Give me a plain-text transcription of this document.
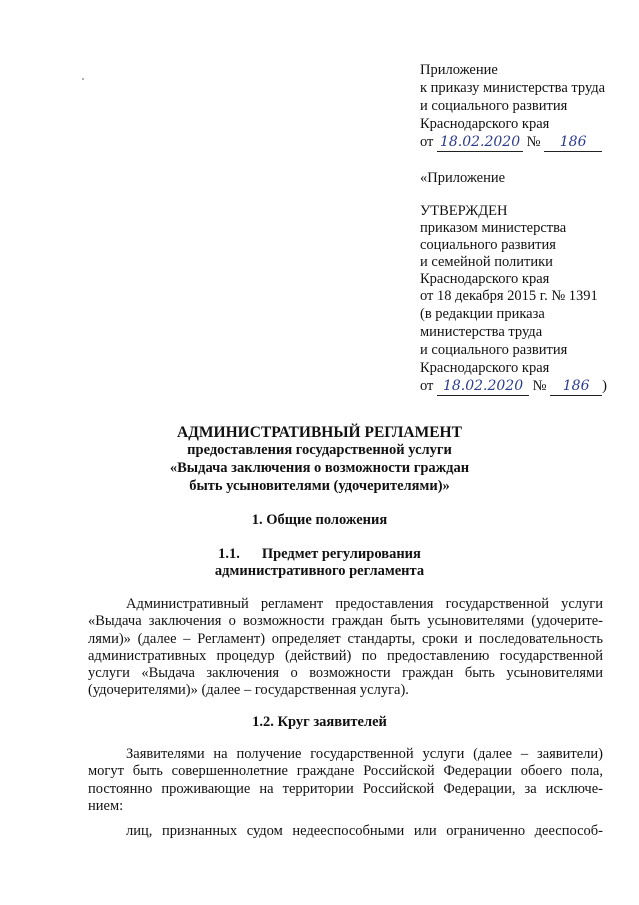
Приложение
к приказу министерства труда
и социального развития
Краснодарского края
от 18.02.2020 № 186
«Приложение
УТВЕРЖДЕН
приказом министерства
социального развития
и семейной политики
Краснодарского края
от 18 декабря 2015 г. № 1391
(в редакции приказа
министерства труда
и социального развития
Краснодарского края
от 18.02.2020 № 186 )
АДМИНИСТРАТИВНЫЙ РЕГЛАМЕНТ
предоставления государственной услуги
«Выдача заключения о возможности граждан
быть усыновителями (удочерителями)»
1. Общие положения
1.1. Предмет регулирования
административного регламента
Административный регламент предоставления государственной услуги
«Выдача заключения о возможности граждан быть усыновителями (удочерите-
лями)» (далее – Регламент) определяет стандарты, сроки и последовательность
административных процедур (действий) по предоставлению государственной
услуги «Выдача заключения о возможности граждан быть усыновителями
(удочерителями)» (далее – государственная услуга).
1.2. Круг заявителей
Заявителями на получение государственной услуги (далее – заявители)
могут быть совершеннолетние граждане Российской Федерации обоего пола,
постоянно проживающие на территории Российской Федерации, за исключе-
нием:
лиц, признанных судом недееспособными или ограниченно дееспособ-
